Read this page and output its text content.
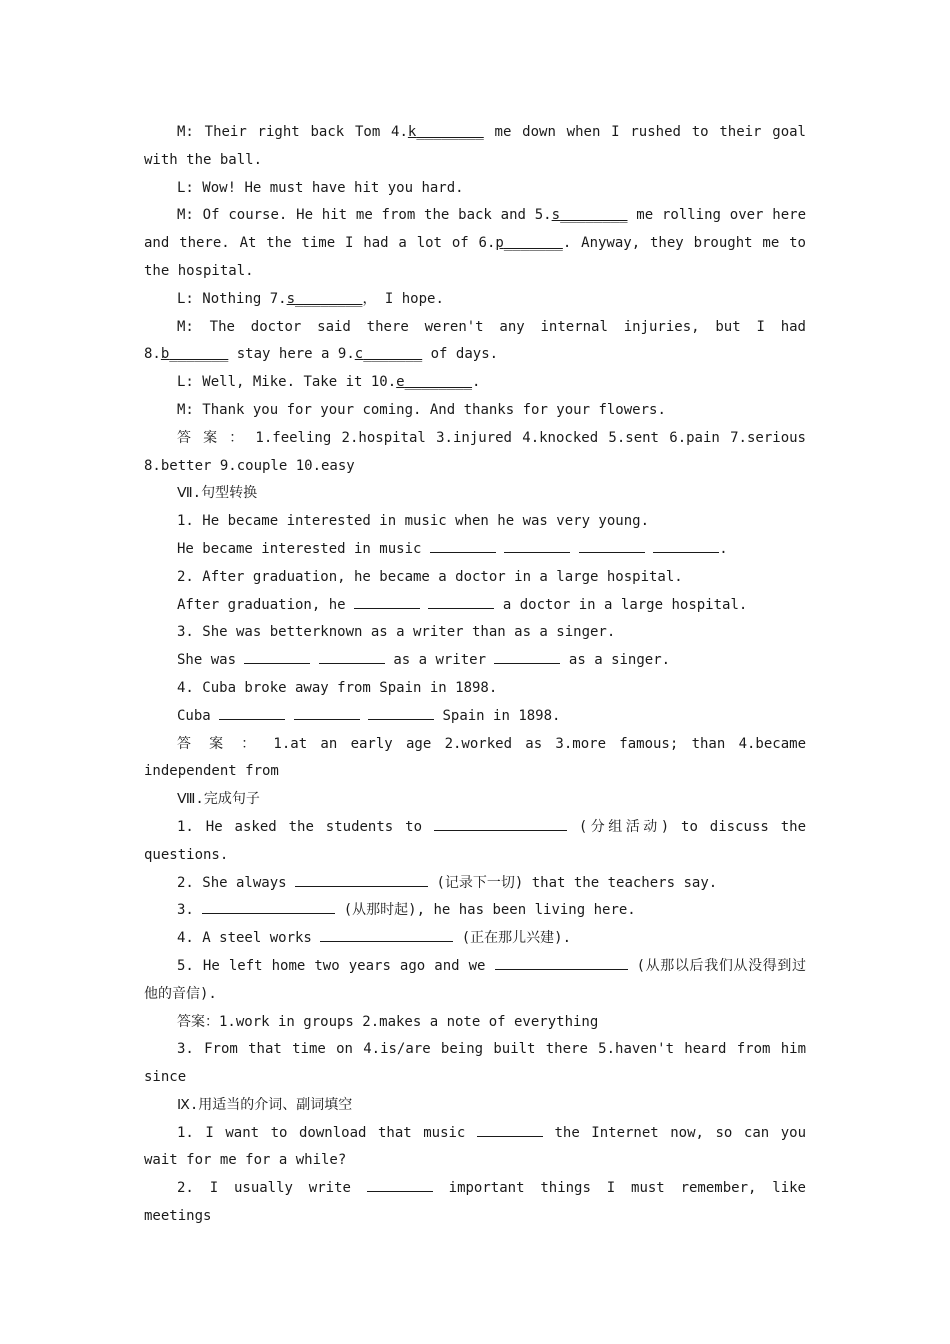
M: Their right back Tom 4.k________ me down when I rushed to their goal with the ball.

L: Wow! He must have hit you hard.

M: Of course. He hit me from the back and 5.s________ me rolling over here and there. At the time I had a lot of 6.p_______. Anyway, they brought me to the hospital.

L: Nothing 7.s________， I hope.

M: The doctor said there weren't any internal injuries, but I had 8.b_______ stay here a 9.c_______ of days.

L: Well, Mike. Take it 10.e________.

M: Thank you for your coming. And thanks for your flowers.

答 案 ： 1.feeling 2.hospital 3.injured 4.knocked 5.sent 6.pain 7.serious 8.better 9.couple 10.easy

Ⅶ.句型转换

1. He became interested in music when he was very young.

He became interested in music	.

2. After graduation, he became a doctor in a large hospital.

After graduation, he	a doctor in a large hospital.

3. She was betterknown as a writer than as a singer.

She was	as a writer	as a singer.

4. Cuba broke away from Spain in 1898.

Cuba	Spain in 1898.

答 案 ： 1.at an early age 2.worked as 3.more famous; than 4.became independent from

Ⅷ.完成句子

1. He asked the students to	(分组活动) to discuss the questions.

2. She always	(记录下一切) that the teachers say.

3.	(从那时起), he has been living here.

4. A steel works	(正在那儿兴建).

5. He left home two years ago and we	(从那以后我们从没得到过他的音信).

答案：1.work in groups 2.makes a note of everything

3. From that time on 4.is/are being built there 5.haven't heard from him since

Ⅸ.用适当的介词、副词填空

1. I want to download that music	the Internet now, so can you wait for me for a while?

2. I usually write	important things I must remember, like meetings
